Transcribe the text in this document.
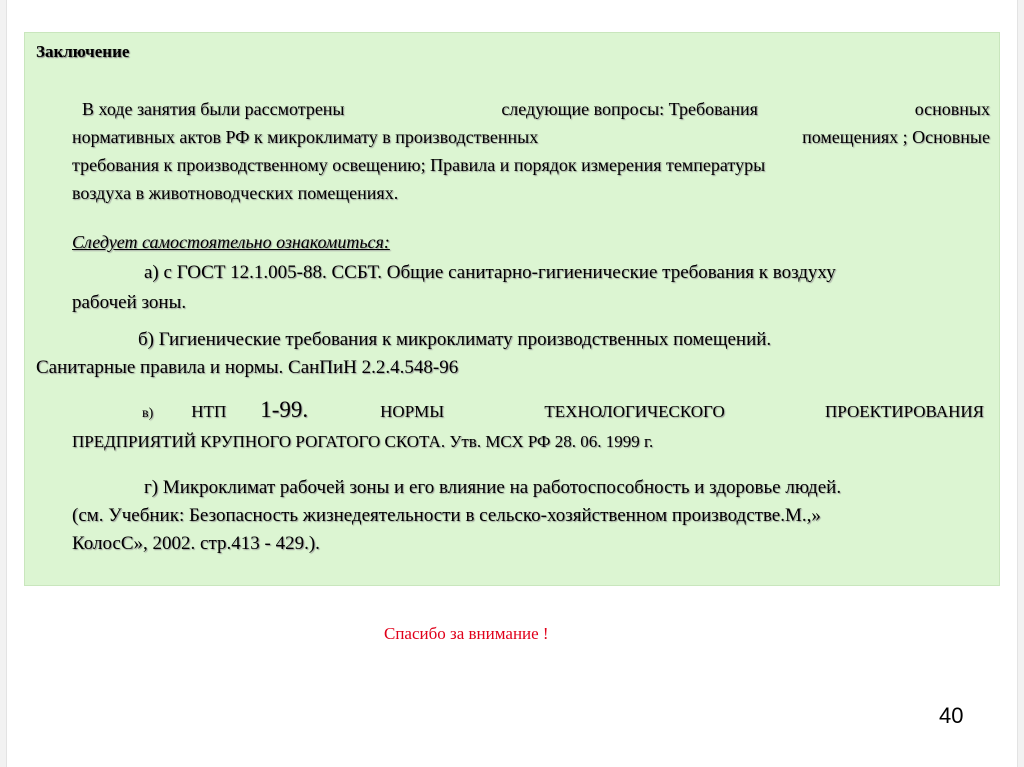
Заключение
В ходе занятия были рассмотрены	следующие вопросы: Требования	основных
нормативных актов РФ к микроклимату в производственных	помещениях ; Основные
требования к производственному освещению; Правила и порядок измерения температуры
воздуха в животноводческих помещениях.
Следует самостоятельно ознакомиться:
а) с ГОСТ 12.1.005-88. ССБТ. Общие санитарно-гигиенические требования к воздуху
рабочей зоны.
б) Гигиенические требования к микроклимату производственных помещений.
Санитарные правила и нормы. СанПиН 2.2.4.548-96
в) НТП 1-99.	НОРМЫ	ТЕХНОЛОГИЧЕСКОГО	ПРОЕКТИРОВАНИЯ
ПРЕДПРИЯТИЙ КРУПНОГО РОГАТОГО СКОТА. Утв. МСХ РФ 28. 06. 1999 г.
г) Микроклимат рабочей зоны и его влияние на работоспособность и здоровье людей.
(см. Учебник: Безопасность жизнедеятельности в сельско-хозяйственном производстве.М.,»
КолосС», 2002. стр.413 - 429.).
Спасибо за внимание !
40
